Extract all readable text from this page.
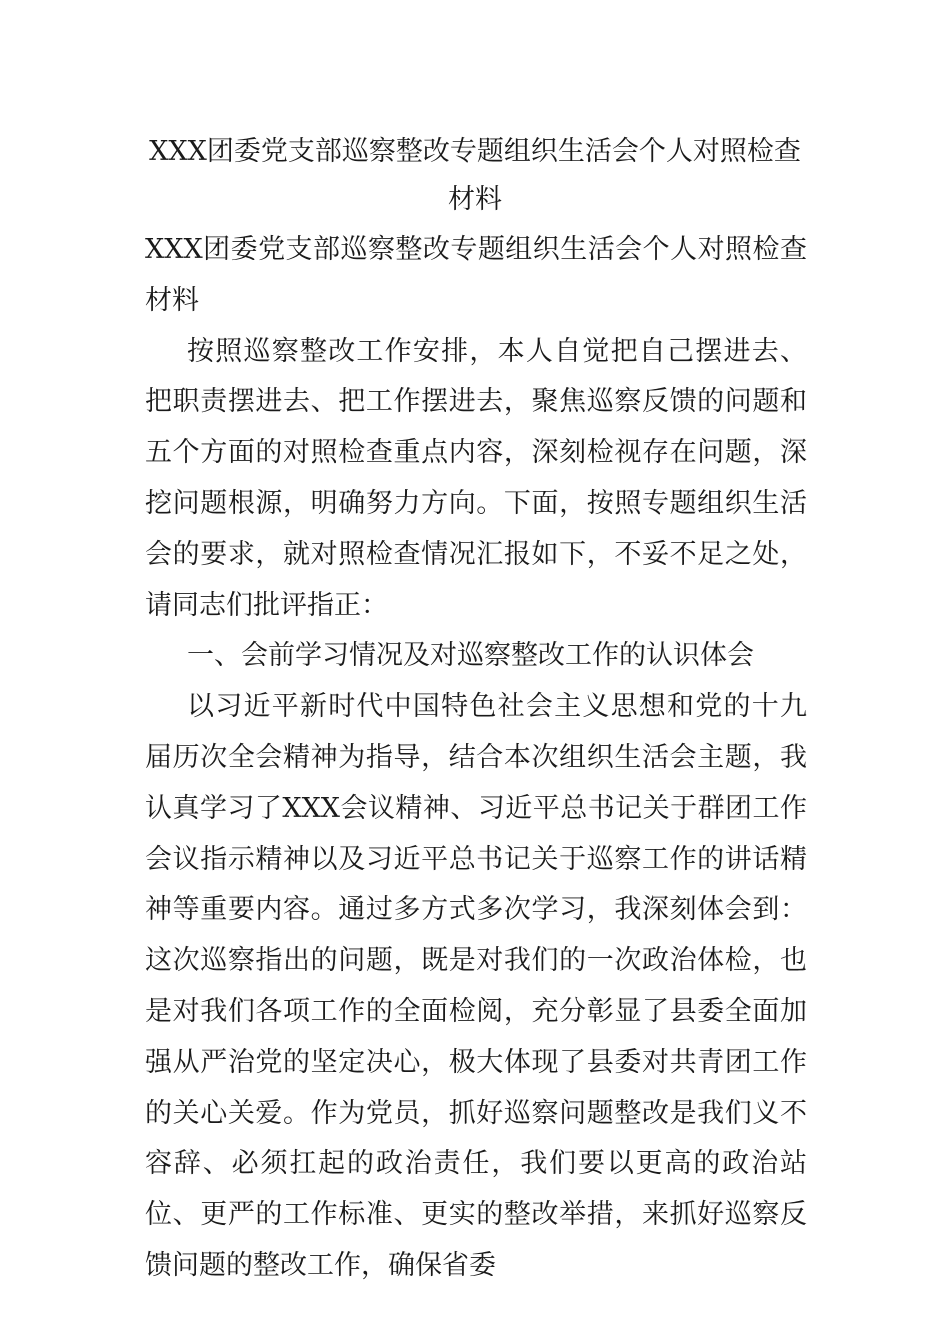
XXX团委党支部巡察整改专题组织生活会个人对照检查材料

XXX团委党支部巡察整改专题组织生活会个人对照检查材料

按照巡察整改工作安排，本人自觉把自己摆进去、把职责摆进去、把工作摆进去，聚焦巡察反馈的问题和五个方面的对照检查重点内容，深刻检视存在问题，深挖问题根源，明确努力方向。下面，按照专题组织生活会的要求，就对照检查情况汇报如下，不妥不足之处，请同志们批评指正：

一、会前学习情况及对巡察整改工作的认识体会

以习近平新时代中国特色社会主义思想和党的十九届历次全会精神为指导，结合本次组织生活会主题，我认真学习了XXX会议精神、习近平总书记关于群团工作会议指示精神以及习近平总书记关于巡察工作的讲话精神等重要内容。通过多方式多次学习，我深刻体会到：这次巡察指出的问题，既是对我们的一次政治体检，也是对我们各项工作的全面检阅，充分彰显了县委全面加强从严治党的坚定决心，极大体现了县委对共青团工作的关心关爱。作为党员，抓好巡察问题整改是我们义不容辞、必须扛起的政治责任，我们要以更高的政治站位、更严的工作标准、更实的整改举措，来抓好巡察反馈问题的整改工作，确保省委
